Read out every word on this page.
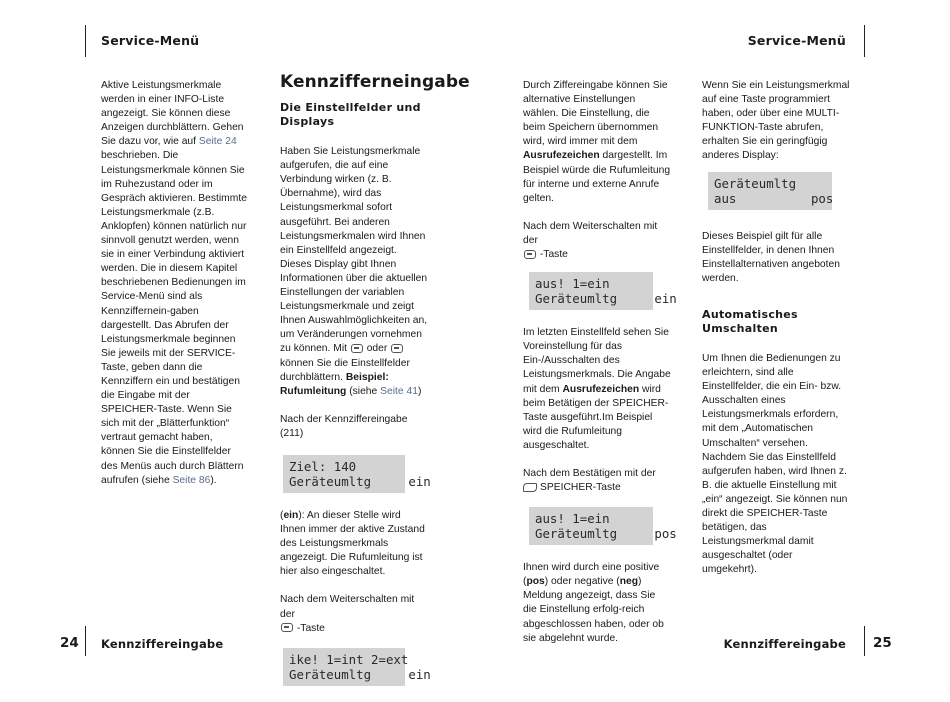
Service-Menü	Service-Menü
24 Kennziffereingabe	Kennziffereingabe 25

Aktive Leistungsmerkmale werden in einer INFO-Liste angezeigt. Sie können diese Anzeigen durchblättern. Gehen Sie dazu vor, wie auf Seite 24 beschrieben. Die Leistungsmerkmale können Sie im Ruhezustand oder im Gespräch aktivieren. Bestimmte Leistungsmerkmale (z.B. Anklopfen) können natürlich nur sinnvoll genutzt werden, wenn sie in einer Verbindung aktiviert werden. Die in diesem Kapitel beschriebenen Bedienungen im Service-Menü sind als Kennziffernein-gaben dargestellt. Das Abrufen der Leistungsmerkmale beginnen Sie jeweils mit der SERVICE-Taste, geben dann die Kennziffern ein und bestätigen die Eingabe mit der SPEICHER-Taste. Wenn Sie sich mit der „Blätterfunktion“ vertraut gemacht haben, können Sie die Einstellfelder des Menüs auch durch Blättern aufrufen (siehe Seite 86).

Kennzifferneingabe
Die Einstellfelder und Displays

Haben Sie Leistungsmerkmale aufgerufen, die auf eine Verbindung wirken (z. B. Übernahme), wird das Leistungsmerkmal sofort ausgeführt. Bei anderen Leistungsmerkmalen wird Ihnen ein Einstellfeld angezeigt. Dieses Display gibt Ihnen Informationen über die aktuellen Einstellungen der variablen Leistungsmerkmale und zeigt Ihnen Auswahlmöglichkeiten an, um Veränderungen vornehmen zu können. Mit  oder  können Sie die Einstellfelder durchblättern. Beispiel: Rufumleitung (siehe Seite 41)

Nach der Kennziffereingabe (211)

Ziel: 140
Geräteumltg     ein

(ein): An dieser Stelle wird Ihnen immer der aktive Zustand des Leistungsmerkmals angezeigt. Die Rufumleitung ist hier also eingeschaltet.

Nach dem Weiterschalten mit der
-Taste

ike! 1=int 2=ext
Geräteumltg     ein

Durch Ziffereingabe können Sie alternative Einstellungen wählen. Die Einstellung, die beim Speichern übernommen wird, wird immer mit dem Ausrufezeichen dargestellt. Im Beispiel würde die Rufumleitung für interne und externe Anrufe gelten.

Nach dem Weiterschalten mit der
-Taste

aus! 1=ein
Geräteumltg     ein

Im letzten Einstellfeld sehen Sie Voreinstellung für das Ein-/Ausschalten des Leistungsmerkmals. Die Angabe mit dem Ausrufezeichen wird beim Betätigen der SPEICHER- Taste ausgeführt.Im Beispiel wird die Rufumleitung ausgeschaltet.

Nach dem Bestätigen mit der
SPEICHER-Taste

aus! 1=ein
Geräteumltg     pos

Ihnen wird durch eine positive (pos) oder negative (neg) Meldung angezeigt, dass Sie die Einstellung erfolg-reich abgeschlossen haben, oder ob sie abgelehnt wurde.

Wenn Sie ein Leistungsmerkmal auf eine Taste programmiert haben, oder über eine MULTI-FUNKTION-Taste abrufen, erhalten Sie ein geringfügig anderes Display:

Geräteumltg
aus          pos

Dieses Beispiel gilt für alle Einstellfelder, in denen Ihnen Einstellalternativen angeboten werden.

Automatisches Umschalten

Um Ihnen die Bedienungen zu erleichtern, sind alle Einstellfelder, die ein Ein- bzw. Ausschalten eines Leistungsmerkmals erfordern, mit dem „Automatischen Umschalten“ versehen. Nachdem Sie das Einstellfeld aufgerufen haben, wird Ihnen z. B. die aktuelle Einstellung mit „ein“ angezeigt. Sie können nun direkt die SPEICHER-Taste betätigen, das Leistungsmerkmal damit ausgeschaltet (oder umgekehrt).
